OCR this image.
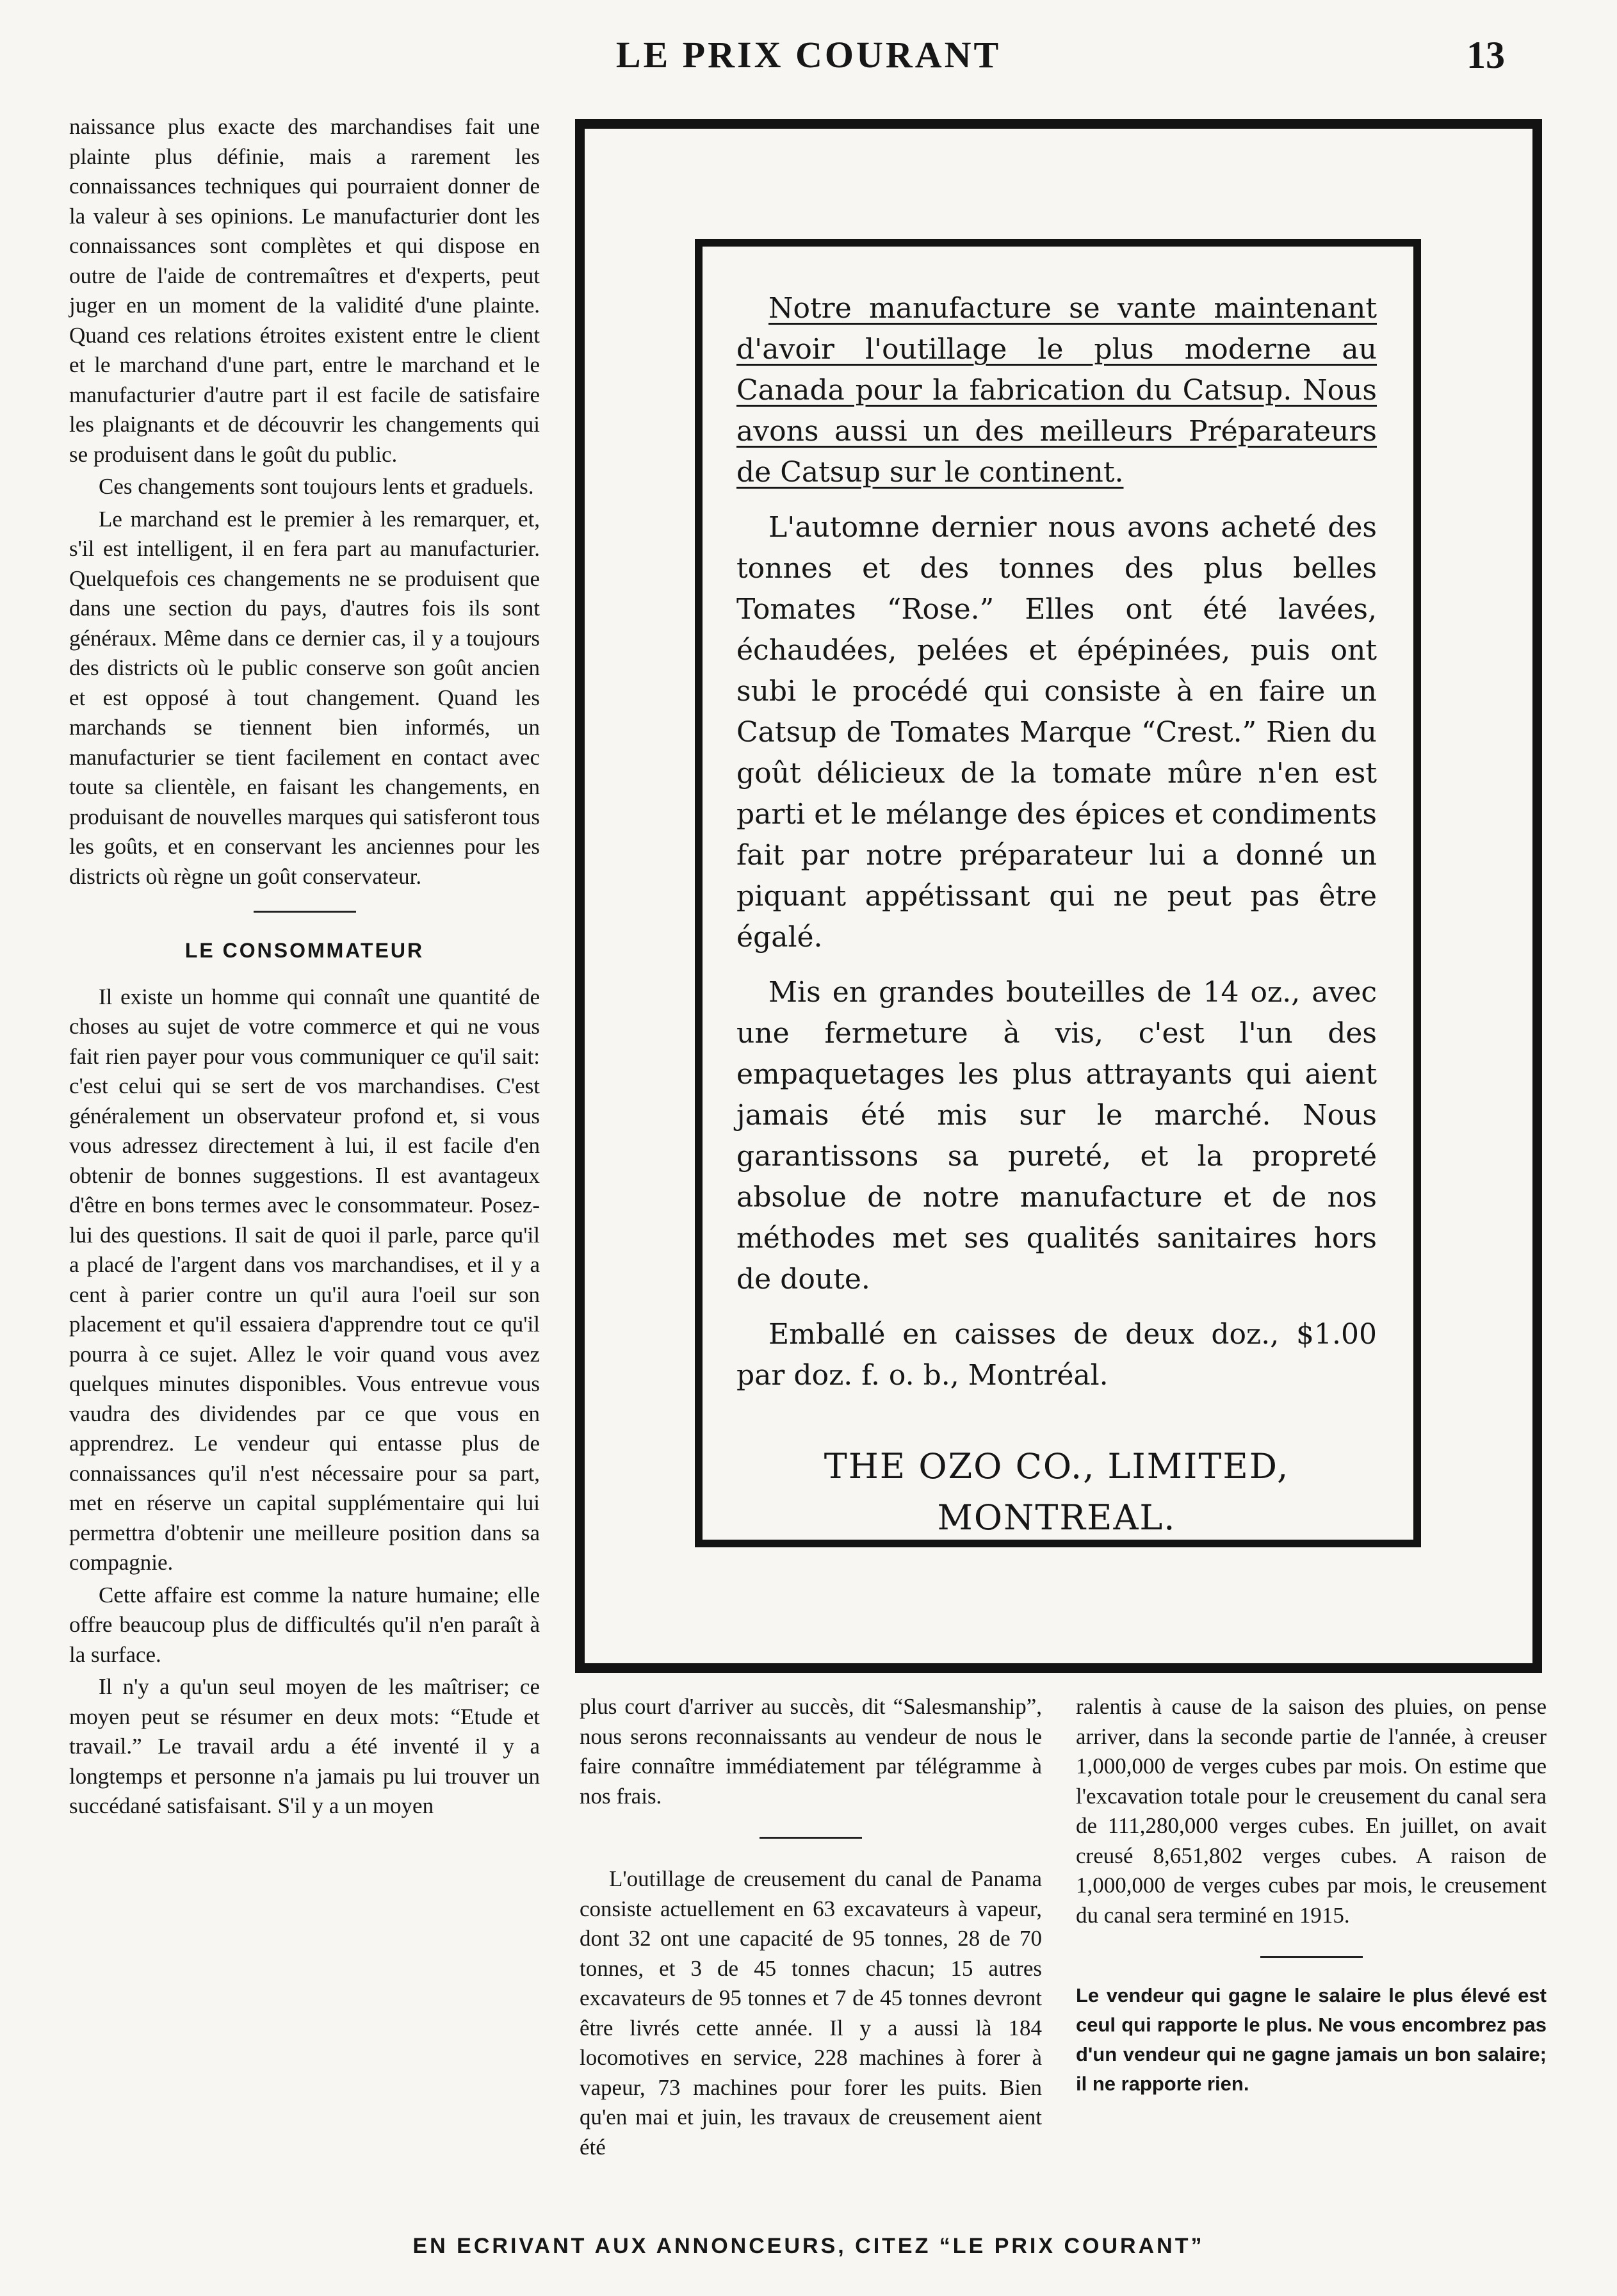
LE PRIX COURANT	13

naissance plus exacte des marchandises fait une plainte plus définie, mais a rarement les connaissances techniques qui pourraient donner de la valeur à ses opinions. Le manufacturier dont les connaissances sont complètes et qui dispose en outre de l'aide de contremaîtres et d'experts, peut juger en un moment de la validité d'une plainte. Quand ces relations étroites existent entre le client et le marchand d'une part, entre le marchand et le manufacturier d'autre part il est facile de satisfaire les plaignants et de découvrir les changements qui se produisent dans le goût du public.

Ces changements sont toujours lents et graduels.

Le marchand est le premier à les remarquer, et, s'il est intelligent, il en fera part au manufacturier. Quelquefois ces changements ne se produisent que dans une section du pays, d'autres fois ils sont généraux. Même dans ce dernier cas, il y a toujours des districts où le public conserve son goût ancien et est opposé à tout changement. Quand les marchands se tiennent bien informés, un manufacturier se tient facilement en contact avec toute sa clientèle, en faisant les changements, en produisant de nouvelles marques qui satisferont tous les goûts, et en conservant les anciennes pour les districts où règne un goût conservateur.

LE CONSOMMATEUR

Il existe un homme qui connaît une quantité de choses au sujet de votre commerce et qui ne vous fait rien payer pour vous communiquer ce qu'il sait: c'est celui qui se sert de vos marchandises. C'est généralement un observateur profond et, si vous vous adressez directement à lui, il est facile d'en obtenir de bonnes suggestions. Il est avantageux d'être en bons termes avec le consommateur. Posez-lui des questions. Il sait de quoi il parle, parce qu'il a placé de l'argent dans vos marchandises, et il y a cent à parier contre un qu'il aura l'oeil sur son placement et qu'il essaiera d'apprendre tout ce qu'il pourra à ce sujet. Allez le voir quand vous avez quelques minutes disponibles. Vous entrevue vous vaudra des dividendes par ce que vous en apprendrez. Le vendeur qui entasse plus de connaissances qu'il n'est nécessaire pour sa part, met en réserve un capital supplémentaire qui lui permettra d'obtenir une meilleure position dans sa compagnie.

Cette affaire est comme la nature humaine; elle offre beaucoup plus de difficultés qu'il n'en paraît à la surface.

Il n'y a qu'un seul moyen de les maîtriser; ce moyen peut se résumer en deux mots: “Etude et travail.” Le travail ardu a été inventé il y a longtemps et personne n'a jamais pu lui trouver un succédané satisfaisant. S'il y a un moyen

Notre manufacture se vante maintenant d'avoir l'outillage le plus moderne au Canada pour la fabrication du Catsup. Nous avons aussi un des meilleurs Préparateurs de Catsup sur le continent.

L'automne dernier nous avons acheté des tonnes et des tonnes des plus belles Tomates “Rose.” Elles ont été lavées, échaudées, pelées et épépinées, puis ont subi le procédé qui consiste à en faire un Catsup de Tomates Marque “Crest.” Rien du goût délicieux de la tomate mûre n'en est parti et le mélange des épices et condiments fait par notre préparateur lui a donné un piquant appétissant qui ne peut pas être égalé.

Mis en grandes bouteilles de 14 oz., avec une fermeture à vis, c'est l'un des empaquetages les plus attrayants qui aient jamais été mis sur le marché. Nous garantissons sa pureté, et la propreté absolue de notre manufacture et de nos méthodes met ses qualités sanitaires hors de doute.

Emballé en caisses de deux doz., $1.00 par doz. f. o. b., Montréal.

THE OZO CO., LIMITED,
MONTREAL.

plus court d'arriver au succès, dit “Salesmanship”, nous serons reconnaissants au vendeur de nous le faire connaître immédiatement par télégramme à nos frais.

L'outillage de creusement du canal de Panama consiste actuellement en 63 excavateurs à vapeur, dont 32 ont une capacité de 95 tonnes, 28 de 70 tonnes, et 3 de 45 tonnes chacun; 15 autres excavateurs de 95 tonnes et 7 de 45 tonnes devront être livrés cette année. Il y a aussi là 184 locomotives en service, 228 machines à forer à vapeur, 73 machines pour forer les puits. Bien qu'en mai et juin, les travaux de creusement aient été

ralentis à cause de la saison des pluies, on pense arriver, dans la seconde partie de l'année, à creuser 1,000,000 de verges cubes par mois. On estime que l'excavation totale pour le creusement du canal sera de 111,280,000 verges cubes. En juillet, on avait creusé 8,651,802 verges cubes. A raison de 1,000,000 de verges cubes par mois, le creusement du canal sera terminé en 1915.

Le vendeur qui gagne le salaire le plus élevé est ceul qui rapporte le plus. Ne vous encombrez pas d'un vendeur qui ne gagne jamais un bon salaire; il ne rapporte rien.
EN ECRIVANT AUX ANNONCEURS, CITEZ “LE PRIX COURANT”
